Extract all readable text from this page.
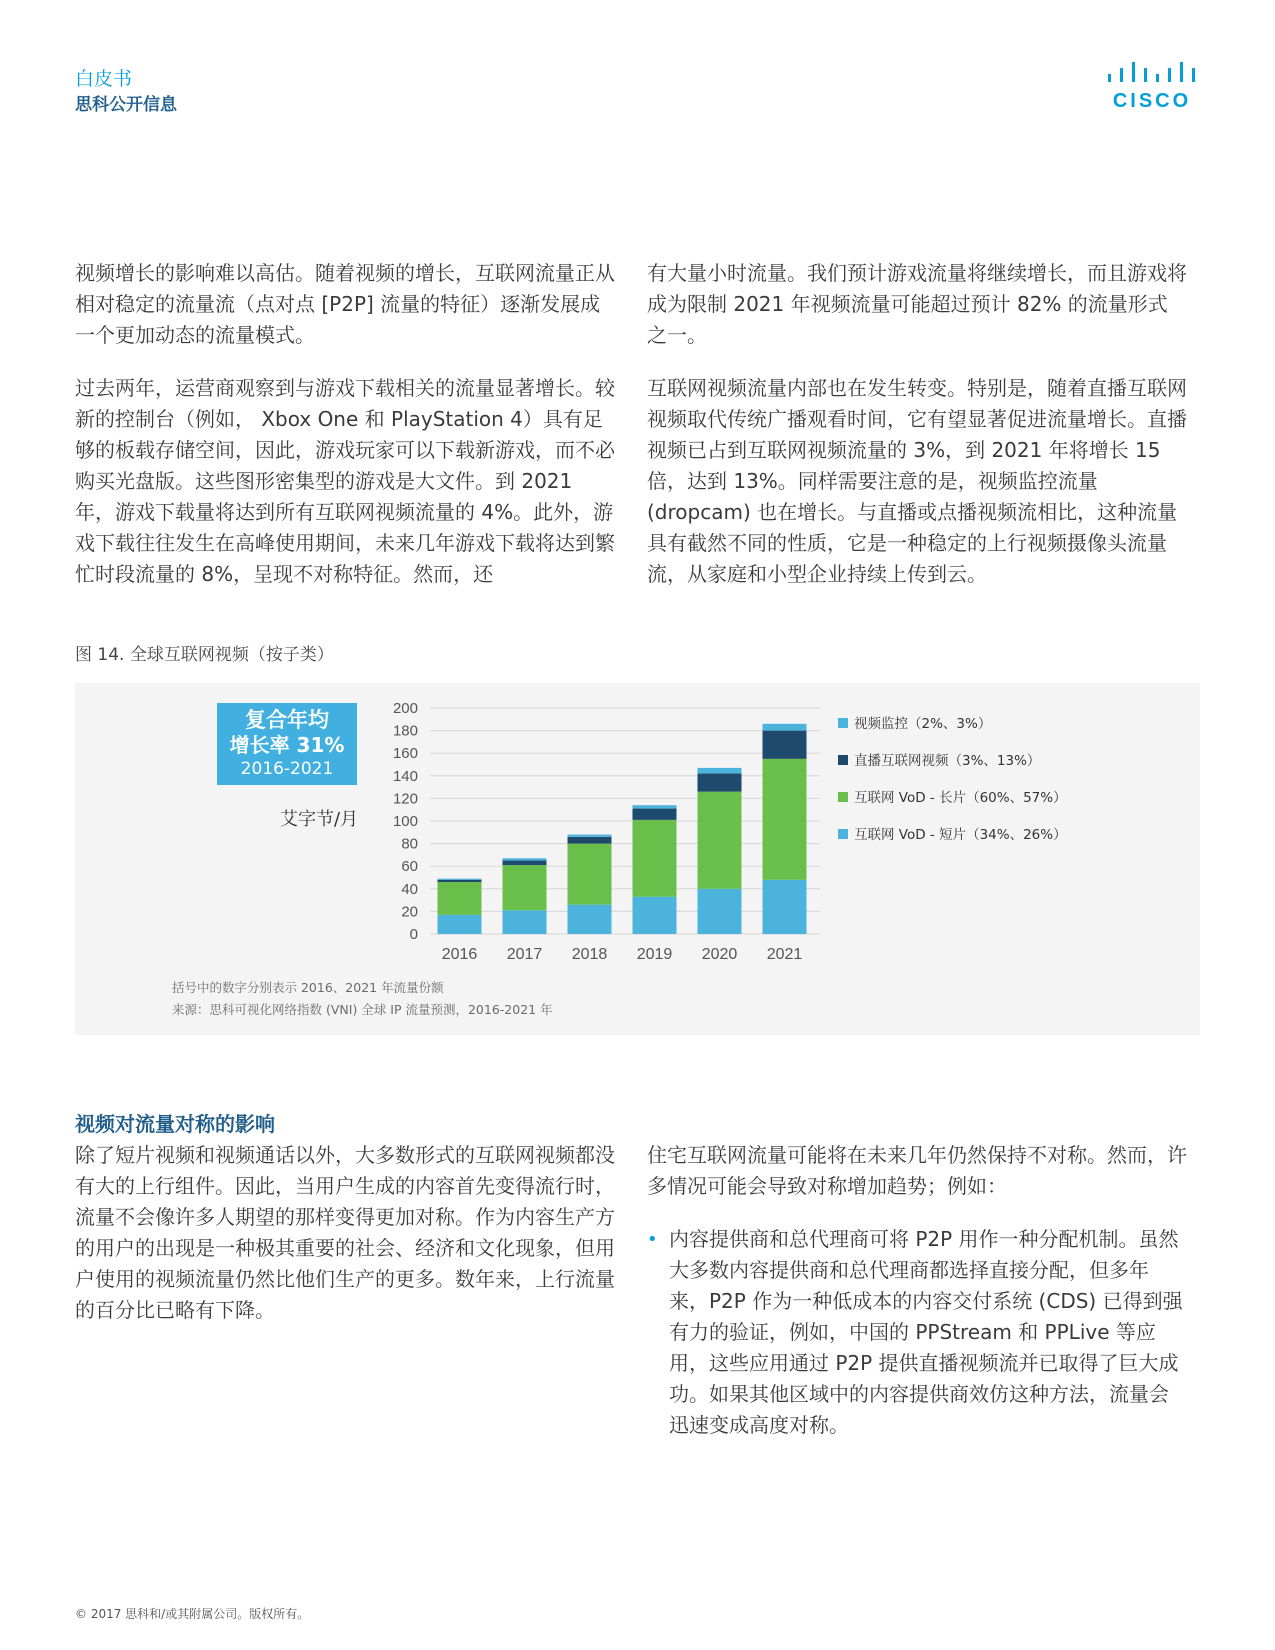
白皮书
思科公开信息	CISCO

视频增长的影响难以高估。随着视频的增长，互联网流量正从相对稳定的流量流（点对点 [P2P] 流量的特征）逐渐发展成一个更加动态的流量模式。

过去两年，运营商观察到与游戏下载相关的流量显著增长。较新的控制台（例如， Xbox One 和 PlayStation 4）具有足够的板载存储空间，因此，游戏玩家可以下载新游戏，而不必购买光盘版。这些图形密集型的游戏是大文件。到 2021 年，游戏下载量将达到所有互联网视频流量的 4%。此外，游戏下载往往发生在高峰使用期间，未来几年游戏下载将达到繁忙时段流量的 8%，呈现不对称特征。然而，还

有大量小时流量。我们预计游戏流量将继续增长，而且游戏将成为限制 2021 年视频流量可能超过预计 82% 的流量形式之一。

互联网视频流量内部也在发生转变。特别是，随着直播互联网视频取代传统广播观看时间，它有望显著促进流量增长。直播视频已占到互联网视频流量的 3%，到 2021 年将增长 15 倍，达到 13%。同样需要注意的是，视频监控流量 (dropcam) 也在增长。与直播或点播视频流相比，这种流量具有截然不同的性质，它是一种稳定的上行视频摄像头流量流，从家庭和小型企业持续上传到云。

图 14. 全球互联网视频（按子类）
复合年均
增长率 31%
2016-2021
艾字节/月
0
20
40
60
80
100
120
140
160
180
200
2016 2017 2018 2019 2020 2021
视频监控（2%、3%）
直播互联网视频（3%、13%）
互联网 VoD - 长片（60%、57%）
互联网 VoD - 短片（34%、26%）
括号中的数字分别表示 2016、2021 年流量份额
来源：思科可视化网络指数 (VNI) 全球 IP 流量预测，2016-2021 年
视频对流量对称的影响

除了短片视频和视频通话以外，大多数形式的互联网视频都没有大的上行组件。因此，当用户生成的内容首先变得流行时，流量不会像许多人期望的那样变得更加对称。作为内容生产方的用户的出现是一种极其重要的社会、经济和文化现象，但用户使用的视频流量仍然比他们生产的更多。数年来，上行流量的百分比已略有下降。

住宅互联网流量可能将在未来几年仍然保持不对称。然而，许多情况可能会导致对称增加趋势；例如：

• 内容提供商和总代理商可将 P2P 用作一种分配机制。虽然大多数内容提供商和总代理商都选择直接分配，但多年来，P2P 作为一种低成本的内容交付系统 (CDS) 已得到强有力的验证，例如，中国的 PPStream 和 PPLive 等应用，这些应用通过 P2P 提供直播视频流并已取得了巨大成功。如果其他区域中的内容提供商效仿这种方法，流量会迅速变成高度对称。
© 2017 思科和/或其附属公司。版权所有。
